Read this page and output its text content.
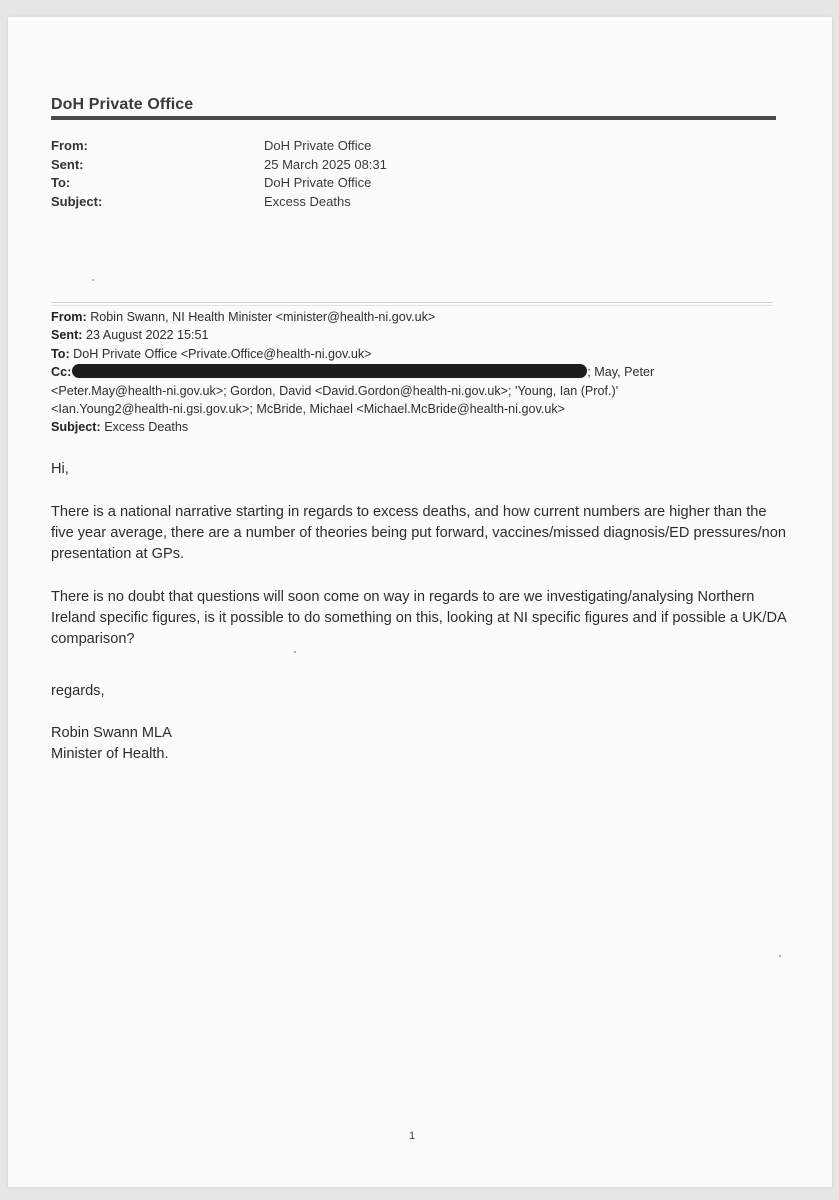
DoH Private Office
From:	DoH Private Office
Sent:	25 March 2025 08:31
To:	DoH Private Office
Subject:	Excess Deaths
From: Robin Swann, NI Health Minister <minister@health-ni.gov.uk>
Sent: 23 August 2022 15:51
To: DoH Private Office <Private.Office@health-ni.gov.uk>
Cc:	; May, Peter
<Peter.May@health-ni.gov.uk>; Gordon, David <David.Gordon@health-ni.gov.uk>; 'Young, Ian (Prof.)'
<Ian.Young2@health-ni.gsi.gov.uk>; McBride, Michael <Michael.McBride@health-ni.gov.uk>
Subject: Excess Deaths

Hi,

There is a national narrative starting in regards to excess deaths, and how current numbers are higher than the five year average, there are a number of theories being put forward, vaccines/missed diagnosis/ED pressures/non presentation at GPs.

There is no doubt that questions will soon come on way in regards to are we investigating/analysing Northern Ireland specific figures, is it possible to do something on this, looking at NI specific figures and if possible a UK/DA comparison?

regards,

Robin Swann MLA

Minister of Health.

1
